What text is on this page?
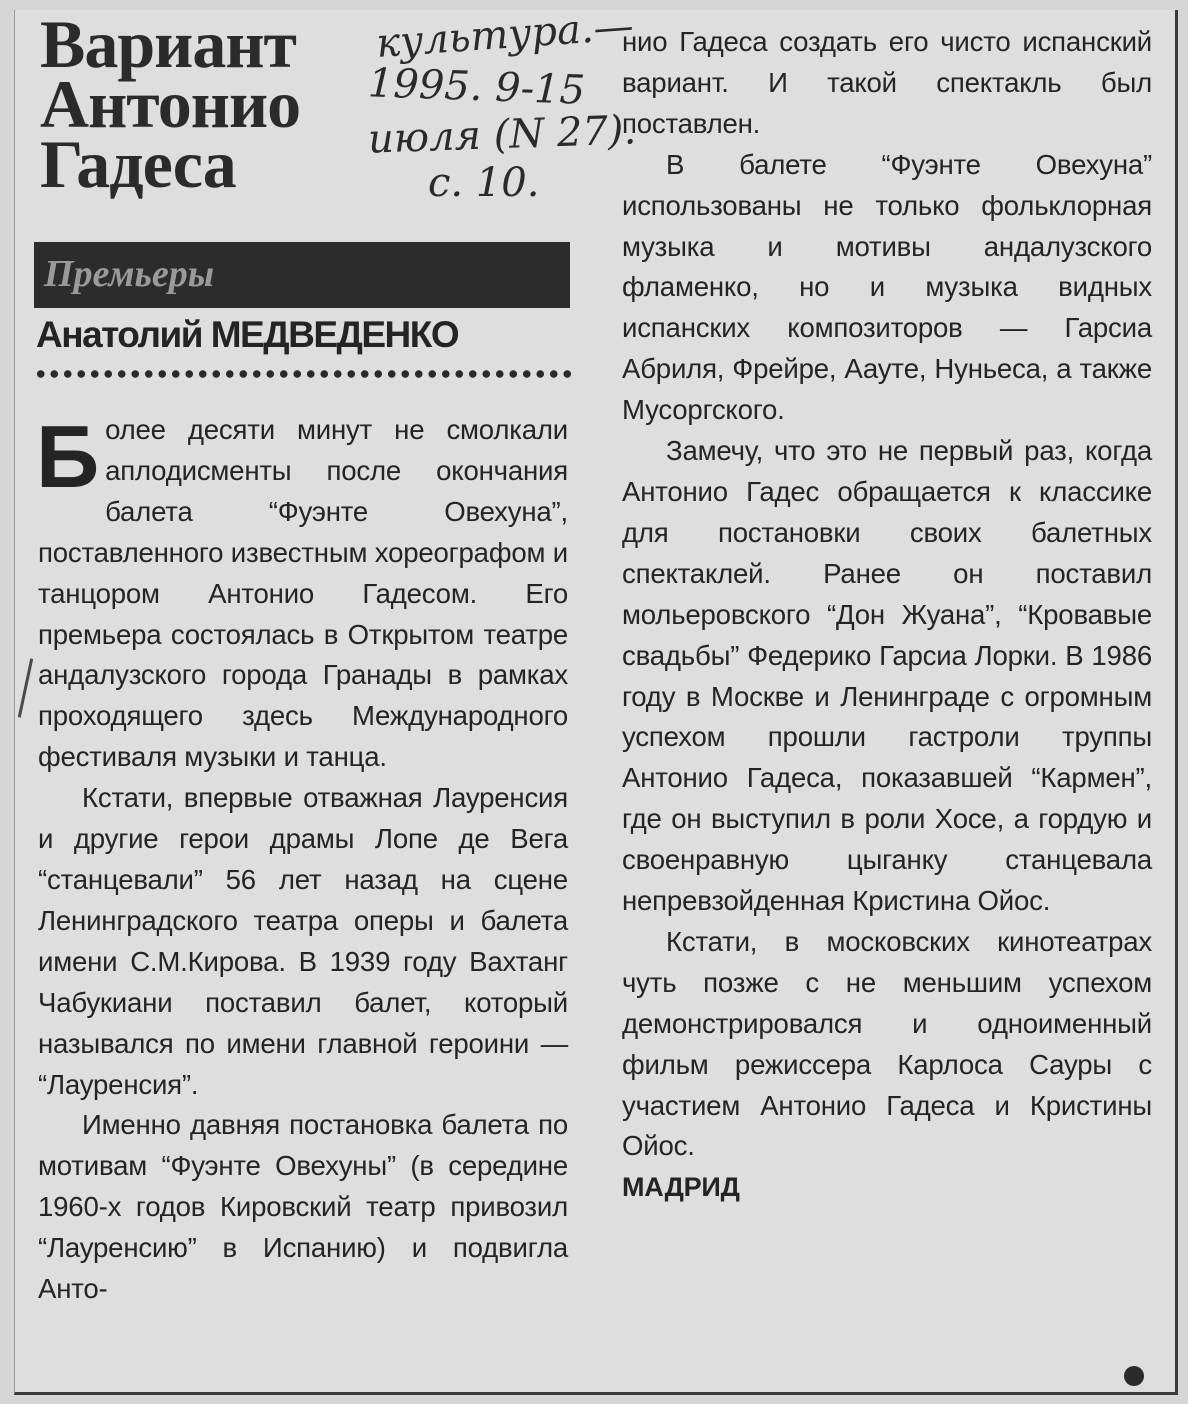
Вариант
Антонио
Гадеса
культура.—
1995. 9-15
июля (N 27).
с. 10.
Премьеры
Анатолий МЕДВЕДЕНКО

Более десяти минут не смолкали аплодисменты после окончания балета “Фуэнте Овехуна”, поставленного известным хореографом и танцором Антонио Гадесом. Его премьера состоялась в Открытом театре андалузского города Гранады в рамках проходящего здесь Международного фестиваля музыки и танца.

Кстати, впервые отважная Лауренсия и другие герои драмы Лопе де Вега “станцевали” 56 лет назад на сцене Ленинградского театра оперы и балета имени С.М.Кирова. В 1939 году Вахтанг Чабукиани поставил балет, который назывался по имени главной героини — “Лауренсия”.

Именно давняя постановка балета по мотивам “Фуэнте Овехуны” (в середине 1960-х годов Кировский театр привозил “Лауренсию” в Испанию) и подвигла Анто-

нио Гадеса создать его чисто испанский вариант. И такой спектакль был поставлен.

В балете “Фуэнте Овехуна” использованы не только фольклорная музыка и мотивы андалузского фламенко, но и музыка видных испанских композиторов — Гарсиа Абриля, Фрейре, Ааутe, Нуньеса, а также Мусоргского.

Замечу, что это не первый раз, когда Антонио Гадес обращается к классике для постановки своих балетных спектаклей. Ранее он поставил мольеровского “Дон Жуана”, “Кровавые свадьбы” Федерико Гарсиа Лорки. В 1986 году в Москве и Ленинграде с огромным успехом прошли гастроли труппы Антонио Гадеса, показавшей “Кармен”, где он выступил в роли Хосе, а гордую и своенравную цыганку станцевала непревзойденная Кристина Ойос.

Кстати, в московских кинотеатрах чуть позже с не меньшим успехом демонстрировался и одноименный фильм режиссера Карлоса Сауры с участием Антонио Гадеса и Кристины Ойос.

МАДРИД
